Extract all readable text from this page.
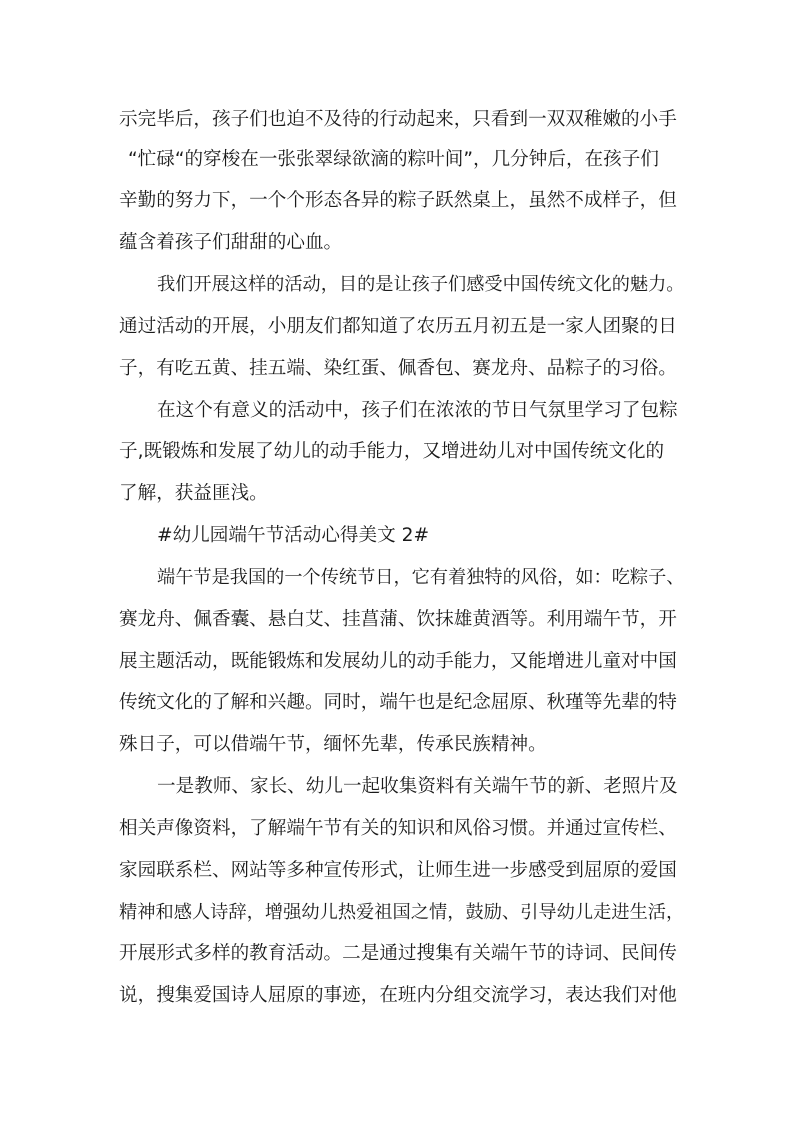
示完毕后，孩子们也迫不及待的行动起来，只看到一双双稚嫩的小手
“忙碌“的穿梭在一张张翠绿欲滴的粽叶间”，几分钟后，在孩子们
辛勤的努力下，一个个形态各异的粽子跃然桌上，虽然不成样子，但
蕴含着孩子们甜甜的心血。
我们开展这样的活动，目的是让孩子们感受中国传统文化的魅力。
通过活动的开展，小朋友们都知道了农历五月初五是一家人团聚的日
子，有吃五黄、挂五端、染红蛋、佩香包、赛龙舟、品粽子的习俗。
在这个有意义的活动中，孩子们在浓浓的节日气氛里学习了包粽
子,既锻炼和发展了幼儿的动手能力，又增进幼儿对中国传统文化的
了解，获益匪浅。
#幼儿园端午节活动心得美文 2#
端午节是我国的一个传统节日，它有着独特的风俗，如：吃粽子、
赛龙舟、佩香囊、悬白艾、挂菖蒲、饮抹雄黄酒等。利用端午节，开
展主题活动，既能锻炼和发展幼儿的动手能力，又能增进儿童对中国
传统文化的了解和兴趣。同时，端午也是纪念屈原、秋瑾等先辈的特
殊日子，可以借端午节，缅怀先辈，传承民族精神。
一是教师、家长、幼儿一起收集资料有关端午节的新、老照片及
相关声像资料，了解端午节有关的知识和风俗习惯。并通过宣传栏、
家园联系栏、网站等多种宣传形式，让师生进一步感受到屈原的爱国
精神和感人诗辞，增强幼儿热爱祖国之情，鼓励、引导幼儿走进生活，
开展形式多样的教育活动。二是通过搜集有关端午节的诗词、民间传
说，搜集爱国诗人屈原的事迹，在班内分组交流学习，表达我们对他
